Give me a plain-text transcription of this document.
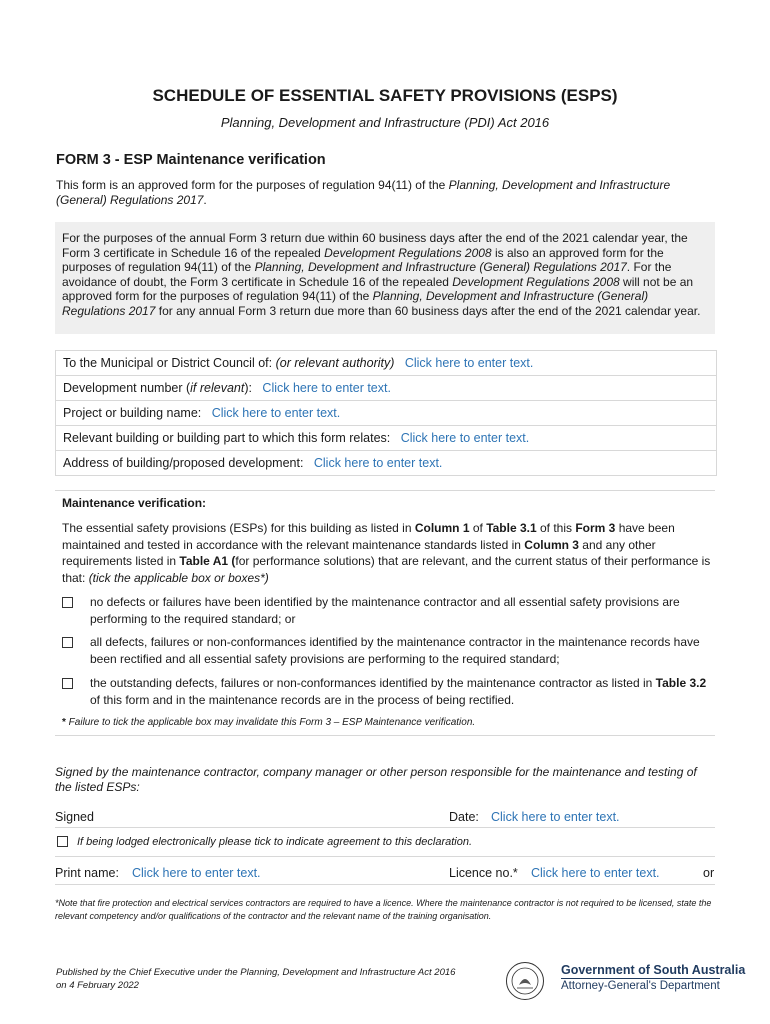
SCHEDULE OF ESSENTIAL SAFETY PROVISIONS (ESPS)
Planning, Development and Infrastructure (PDI) Act 2016
FORM 3 - ESP Maintenance verification
This form is an approved form for the purposes of regulation 94(11) of the Planning, Development and Infrastructure (General) Regulations 2017.
For the purposes of the annual Form 3 return due within 60 business days after the end of the 2021 calendar year, the Form 3 certificate in Schedule 16 of the repealed Development Regulations 2008 is also an approved form for the purposes of regulation 94(11) of the Planning, Development and Infrastructure (General) Regulations 2017. For the avoidance of doubt, the Form 3 certificate in Schedule 16 of the repealed Development Regulations 2008 will not be an approved form for the purposes of regulation 94(11) of the Planning, Development and Infrastructure (General) Regulations 2017 for any annual Form 3 return due more than 60 business days after the end of the 2021 calendar year.
To the Municipal or District Council of: (or relevant authority) Click here to enter text.
Development number (if relevant): Click here to enter text.
Project or building name: Click here to enter text.
Relevant building or building part to which this form relates: Click here to enter text.
Address of building/proposed development: Click here to enter text.
Maintenance verification:
The essential safety provisions (ESPs) for this building as listed in Column 1 of Table 3.1 of this Form 3 have been maintained and tested in accordance with the relevant maintenance standards listed in Column 3 and any other requirements listed in Table A1 (for performance solutions) that are relevant, and the current status of their performance is that: (tick the applicable box or boxes*)
no defects or failures have been identified by the maintenance contractor and all essential safety provisions are performing to the required standard; or
all defects, failures or non-conformances identified by the maintenance contractor in the maintenance records have been rectified and all essential safety provisions are performing to the required standard;
the outstanding defects, failures or non-conformances identified by the maintenance contractor as listed in Table 3.2 of this form and in the maintenance records are in the process of being rectified.
* Failure to tick the applicable box may invalidate this Form 3 – ESP Maintenance verification.
Signed by the maintenance contractor, company manager or other person responsible for the maintenance and testing of the listed ESPs:
Signed	Date: Click here to enter text.
If being lodged electronically please tick to indicate agreement to this declaration.
Print name: Click here to enter text.	Licence no.* Click here to enter text.	or
*Note that fire protection and electrical services contractors are required to have a licence. Where the maintenance contractor is not required to be licensed, state the relevant competency and/or qualifications of the contractor and the relevant name of the training organisation.
Published by the Chief Executive under the Planning, Development and Infrastructure Act 2016
on 4 February 2022
Government of South Australia
Attorney-General's Department
